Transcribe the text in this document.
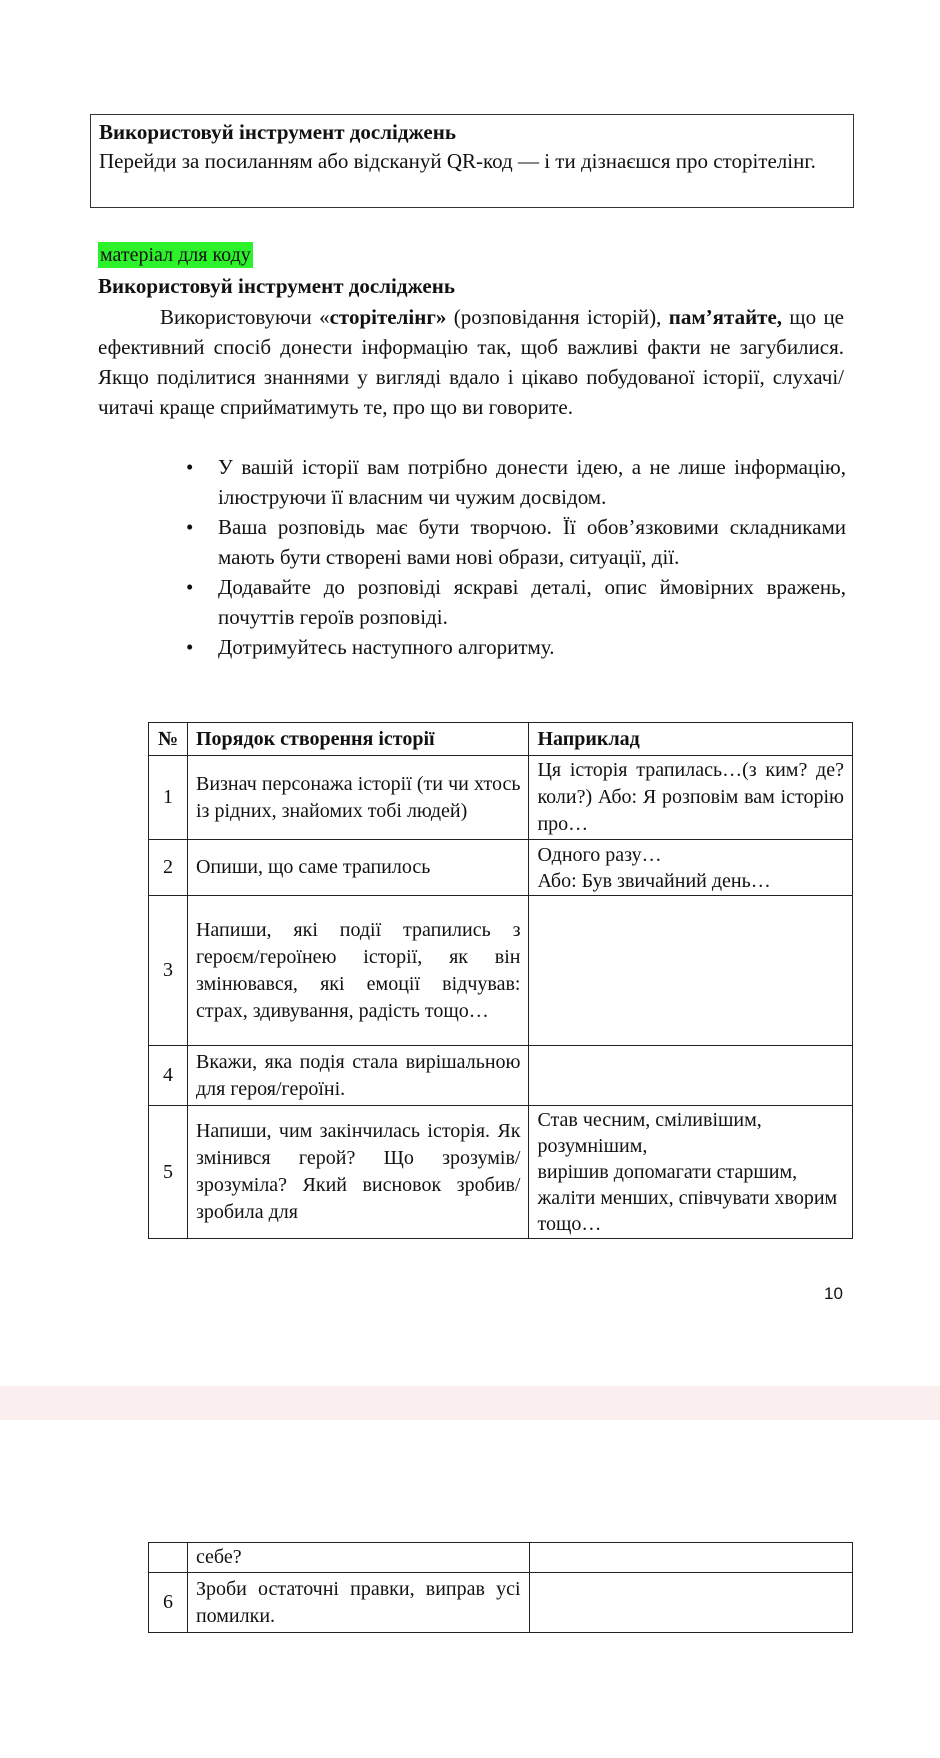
Використовуй інструмент досліджень
Перейди за посиланням або відскануй QR-код — і ти дізнаєшся про сторітелінг.
матеріал для коду
Використовуй інструмент досліджень
Використовуючи «сторітелінг» (розповідання історій), пам’ятайте, що це ефективний спосіб донести інформацію так, щоб важливі факти не загубилися. Якщо поділитися знаннями у вигляді вдало і цікаво побудованої історії, слухачі/читачі краще сприйматимуть те, про що ви говорите.
• У вашій історії вам потрібно донести ідею, а не лише інформацію, ілюструючи її власним чи чужим досвідом.
• Ваша розповідь має бути творчою. Її обов’язковими складниками мають бути створені вами нові образи, ситуації, дії.
• Додавайте до розповіді яскраві деталі, опис ймовірних вражень, почуттів героїв розповіді.
• Дотримуйтесь наступного алгоритму.
№	Порядок створення історії	Наприклад
1	Визнач персонажа історії (ти чи хтось із рідних, знайомих тобі людей)	Ця історія трапилась…(з ким? де? коли?) Або: Я розповім вам історію про…
2	Опиши, що саме трапилось	Одного разу…
Або: Був звичайний день…
3	Напиши, які події трапились з героєм/героїнею історії, як він змінювався, які емоції відчував: страх, здивування, радість тощо…	
4	Вкажи, яка подія стала вирішальною для героя/героїні.	
5	Напиши, чим закінчилась історія. Як змінився герой? Що зрозумів/зрозуміла? Який висновок зробив/зробила для	Став чесним, сміливішим, розумнішим,
вирішив допомагати старшим, жаліти менших, співчувати хворим тощо…
10
	себе?	
6	Зроби остаточні правки, виправ усі помилки.	
